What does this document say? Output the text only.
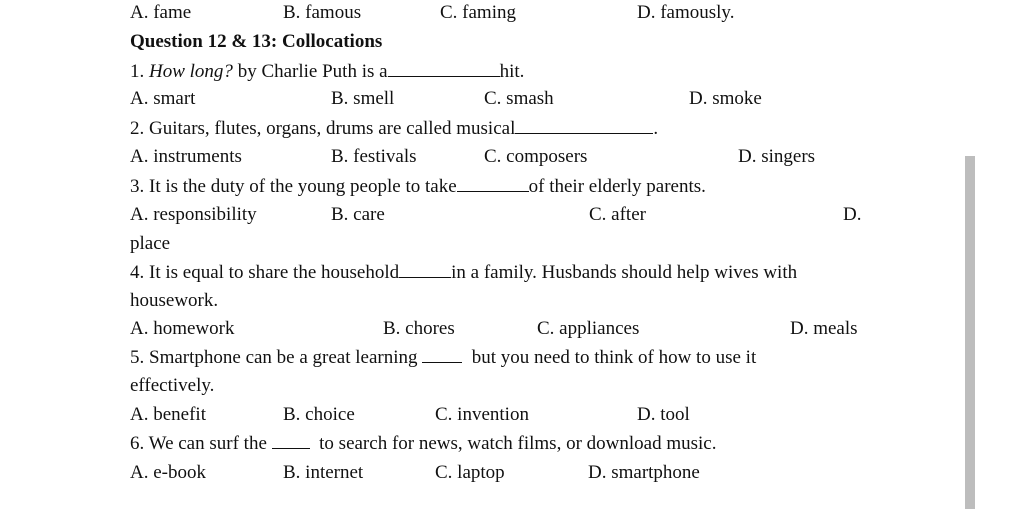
A. fame	B. famous	C. faming	D. famously.
Question 12 & 13: Collocations
1. How long? by Charlie Puth is a	hit.
A. smart	B. smell	C. smash	D. smoke
2. Guitars, flutes, organs, drums are called musical	.
A. instruments	B. festivals	C. composers	D. singers
3. It is the duty of the young people to take	of their elderly parents.
A. responsibility	B. care	C. after	D.
place
4. It is equal to share the household	in a family. Husbands should help wives with
housework.
A. homework	B. chores	C. appliances	D. meals
5. Smartphone can be a great learning	but you need to think of how to use it
effectively.
A. benefit	B. choice	C. invention	D. tool
6. We can surf the	to search for news, watch films, or download music.
A. e-book	B. internet	C. laptop	D. smartphone
